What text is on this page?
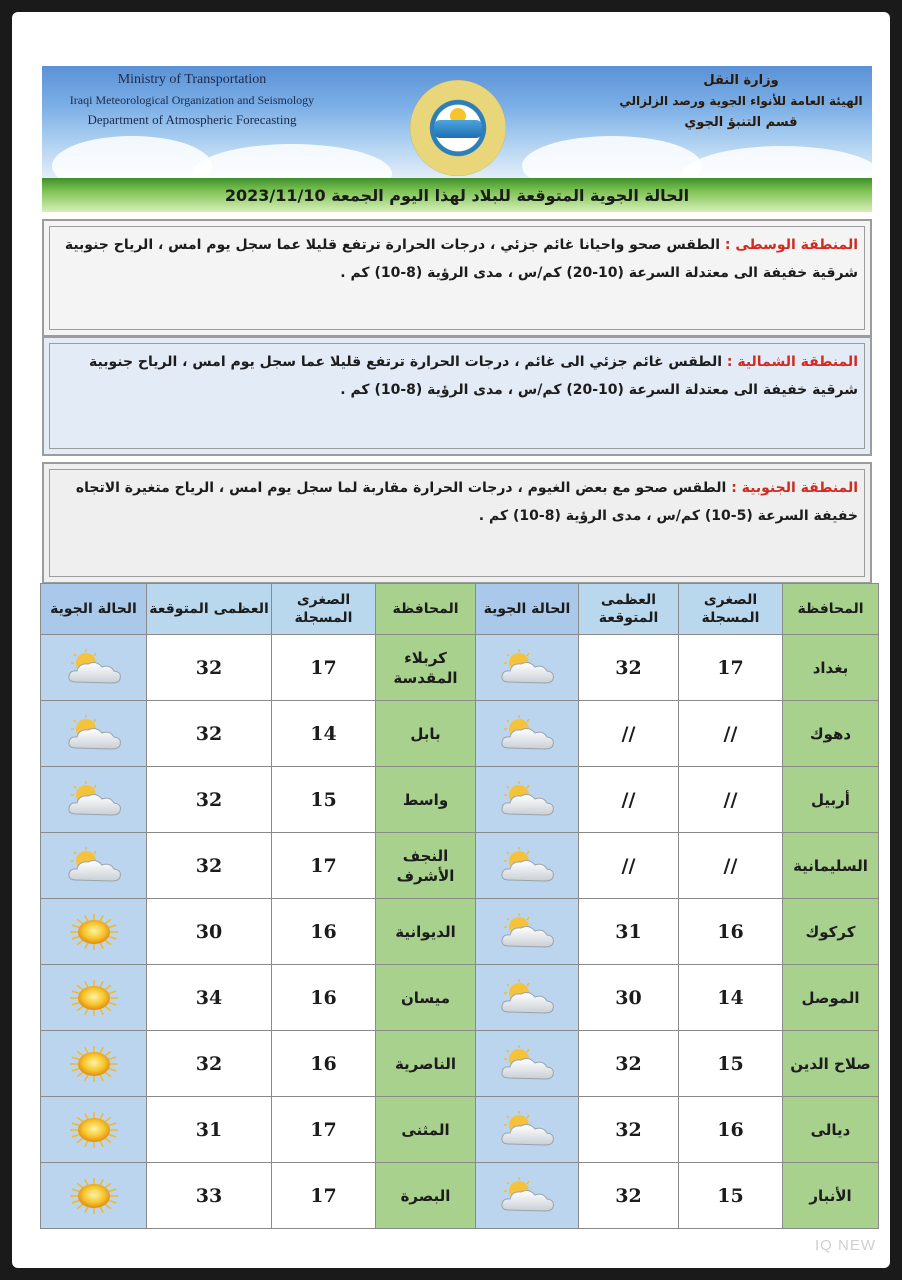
Ministry of Transportation
Iraqi Meteorological Organization and Seismology
Department of Atmospheric Forecasting
وزارة النقل
الهيئة العامة للأنواء الجوية ورصد الزلزالي
قسم التنبؤ الجوي
الحالة الجوية المتوقعة للبلاد لهذا اليوم الجمعة 2023/11/10
المنطقة الوسطى : الطقس صحو واحيانا غائم جزئي ، درجات الحرارة ترتفع قليلا عما سجل يوم امس ، الرياح جنوبية شرقية خفيفة الى معتدلة السرعة (10-20) كم/س ، مدى الرؤية (8-10) كم .
المنطقة الشمالية : الطقس غائم جزئي الى غائم ، درجات الحرارة ترتفع قليلا عما سجل يوم امس ، الرياح جنوبية شرقية خفيفة الى معتدلة السرعة (10-20) كم/س ، مدى الرؤية (8-10) كم .
المنطقة الجنوبية : الطقس صحو مع بعض الغيوم ، درجات الحرارة مقاربة لما سجل يوم امس ، الرياح متغيرة الاتجاه خفيفة السرعة (5-10) كم/س ، مدى الرؤية (8-10) كم .
المحافظة	الصغرى المسجلة	العظمى المتوقعة	الحالة الجوية	المحافظة	الصغرى المسجلة	العظمى المتوقعة	الحالة الجوية
بغداد	17	32		كربلاء المقدسة	17	32	
دهوك	//	//		بابل	14	32	
أربيل	//	//		واسط	15	32	
السليمانية	//	//		النجف الأشرف	17	32	
كركوك	16	31		الديوانية	16	30	
الموصل	14	30		ميسان	16	34	
صلاح الدين	15	32		الناصرية	16	32	
ديالى	16	32		المثنى	17	31	
الأنبار	15	32		البصرة	17	33	
IQ NEW
